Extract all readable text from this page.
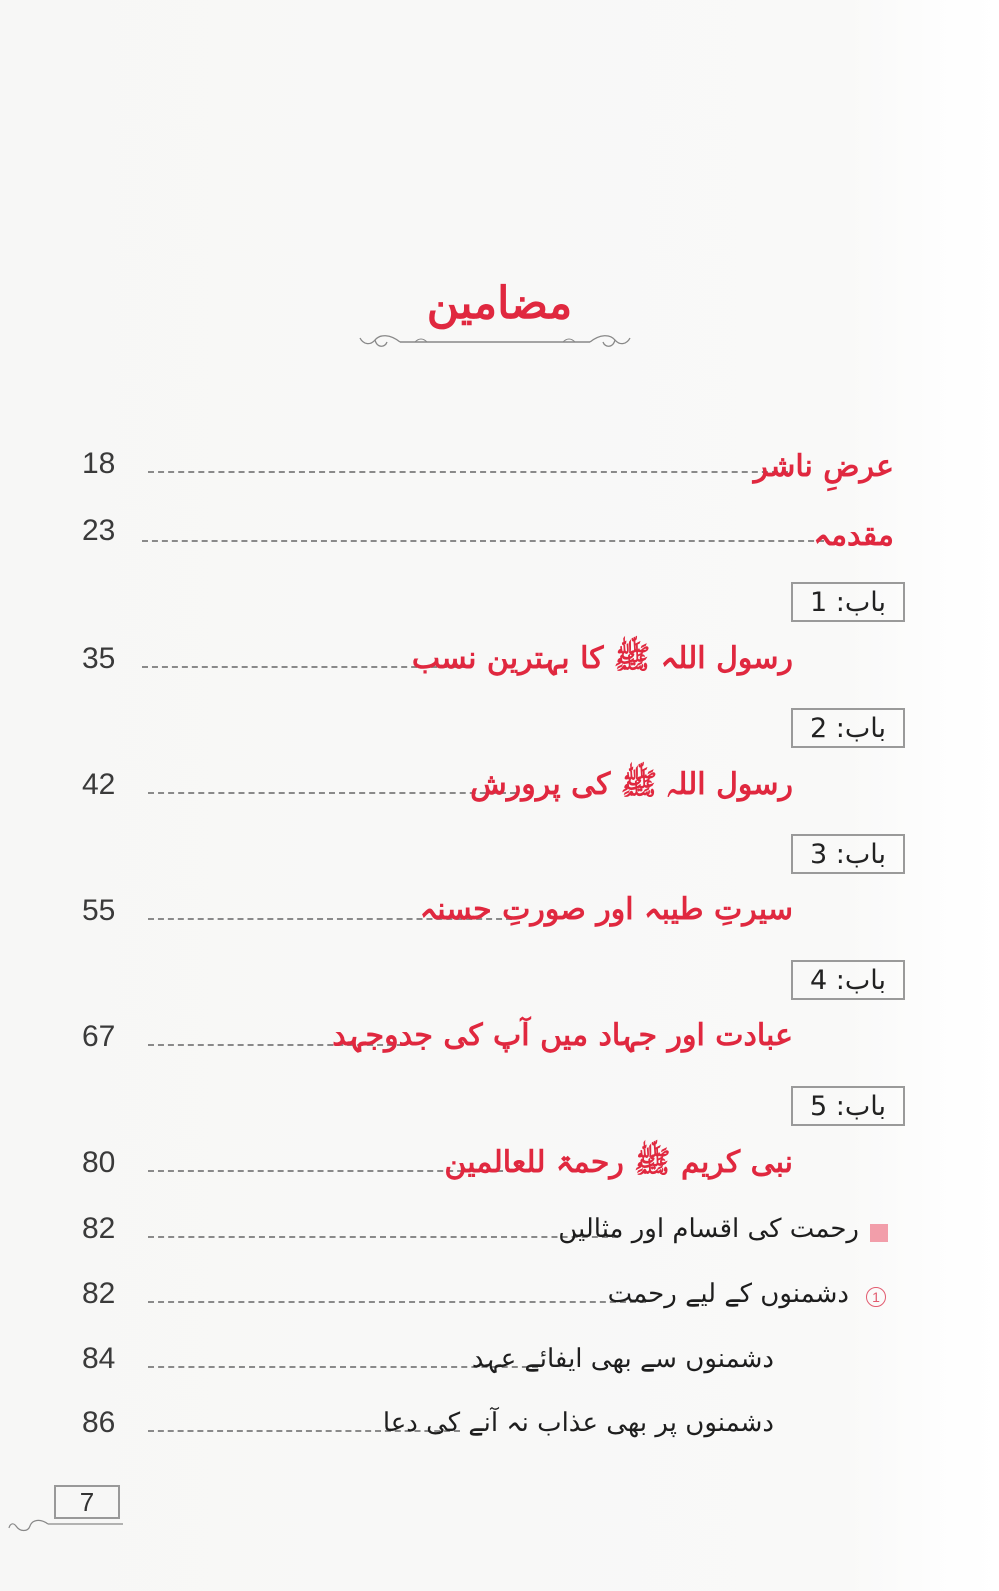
مضامین
18	عرضِ ناشر
23	مقدمہ
باب: 1
35	رسول اللہ ﷺ کا بہترین نسب
باب: 2
42	رسول اللہ ﷺ کی پرورش
باب: 3
55	سیرتِ طیبہ اور صورتِ حسنہ
باب: 4
67	عبادت اور جہاد میں آپ کی جدوجہد
باب: 5
80	نبی کریم ﷺ رحمۃ للعالمین
82	رحمت کی اقسام اور مثالیں
82	دشمنوں کے لیے رحمت	1
84	دشمنوں سے بھی ایفائے عہد
86	دشمنوں پر بھی عذاب نہ آنے کی دعا
7
